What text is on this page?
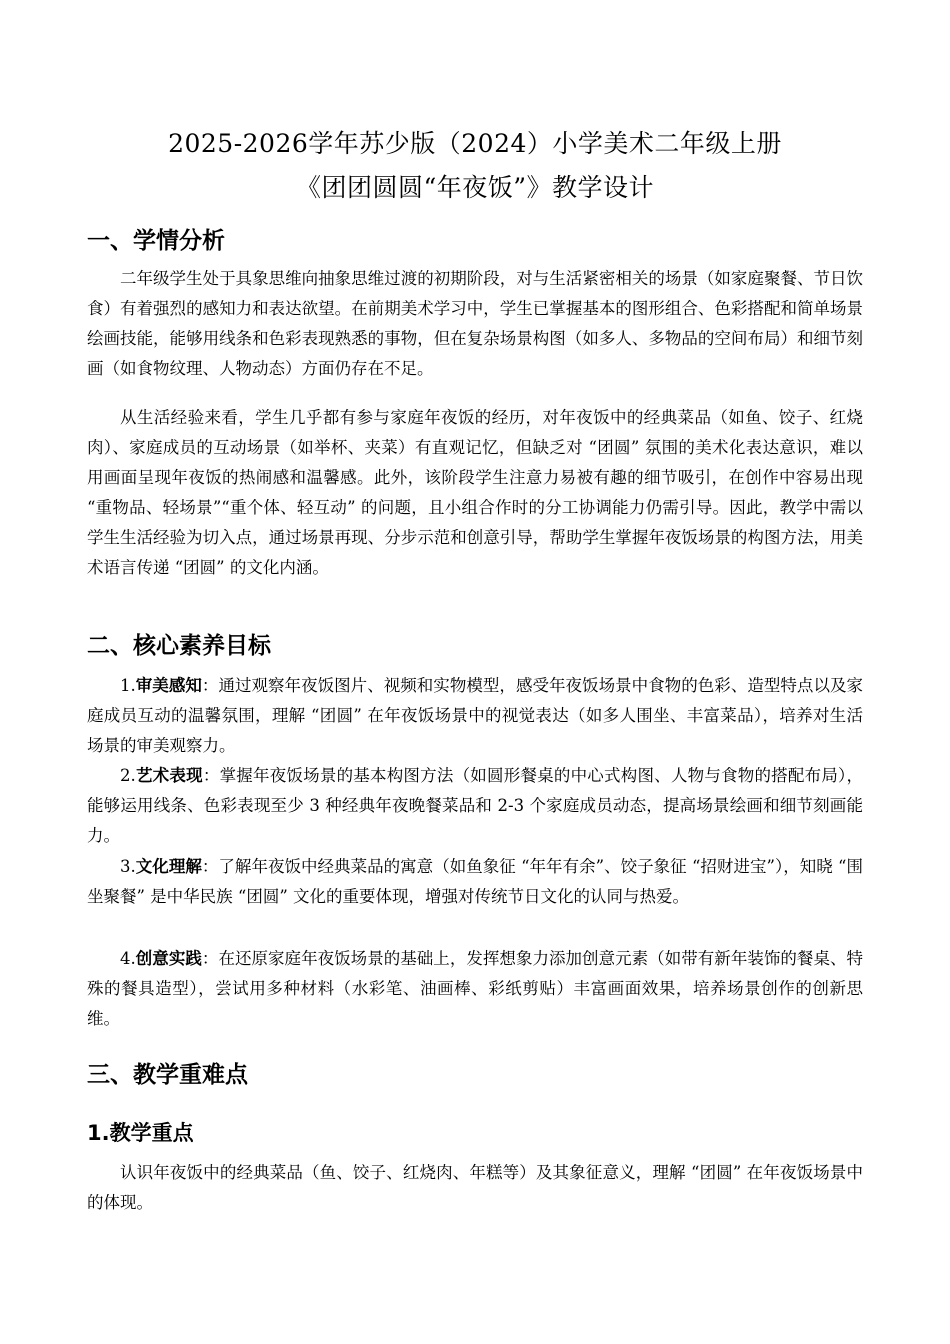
2025-2026学年苏少版（2024）小学美术二年级上册
《团团圆圆“年夜饭”》教学设计
一、学情分析
二年级学生处于具象思维向抽象思维过渡的初期阶段，对与生活紧密相关的场景（如家庭聚餐、节日饮食）有着强烈的感知力和表达欲望。在前期美术学习中，学生已掌握基本的图形组合、色彩搭配和简单场景绘画技能，能够用线条和色彩表现熟悉的事物，但在复杂场景构图（如多人、多物品的空间布局）和细节刻画（如食物纹理、人物动态）方面仍存在不足。
从生活经验来看，学生几乎都有参与家庭年夜饭的经历，对年夜饭中的经典菜品（如鱼、饺子、红烧肉）、家庭成员的互动场景（如举杯、夹菜）有直观记忆，但缺乏对 “团圆” 氛围的美术化表达意识，难以用画面呈现年夜饭的热闹感和温馨感。此外，该阶段学生注意力易被有趣的细节吸引，在创作中容易出现 “重物品、轻场景”“重个体、轻互动” 的问题，且小组合作时的分工协调能力仍需引导。因此，教学中需以学生生活经验为切入点，通过场景再现、分步示范和创意引导，帮助学生掌握年夜饭场景的构图方法，用美术语言传递 “团圆” 的文化内涵。
二、核心素养目标
1.审美感知：通过观察年夜饭图片、视频和实物模型，感受年夜饭场景中食物的色彩、造型特点以及家庭成员互动的温馨氛围，理解 “团圆” 在年夜饭场景中的视觉表达（如多人围坐、丰富菜品），培养对生活场景的审美观察力。
2.艺术表现：掌握年夜饭场景的基本构图方法（如圆形餐桌的中心式构图、人物与食物的搭配布局），能够运用线条、色彩表现至少 3 种经典年夜晚餐菜品和 2-3 个家庭成员动态，提高场景绘画和细节刻画能力。
3.文化理解：了解年夜饭中经典菜品的寓意（如鱼象征 “年年有余”、饺子象征 “招财进宝”），知晓 “围坐聚餐” 是中华民族 “团圆” 文化的重要体现，增强对传统节日文化的认同与热爱。
4.创意实践：在还原家庭年夜饭场景的基础上，发挥想象力添加创意元素（如带有新年装饰的餐桌、特殊的餐具造型），尝试用多种材料（水彩笔、油画棒、彩纸剪贴）丰富画面效果，培养场景创作的创新思维。
三、教学重难点
1.教学重点
认识年夜饭中的经典菜品（鱼、饺子、红烧肉、年糕等）及其象征意义，理解 “团圆” 在年夜饭场景中的体现。
